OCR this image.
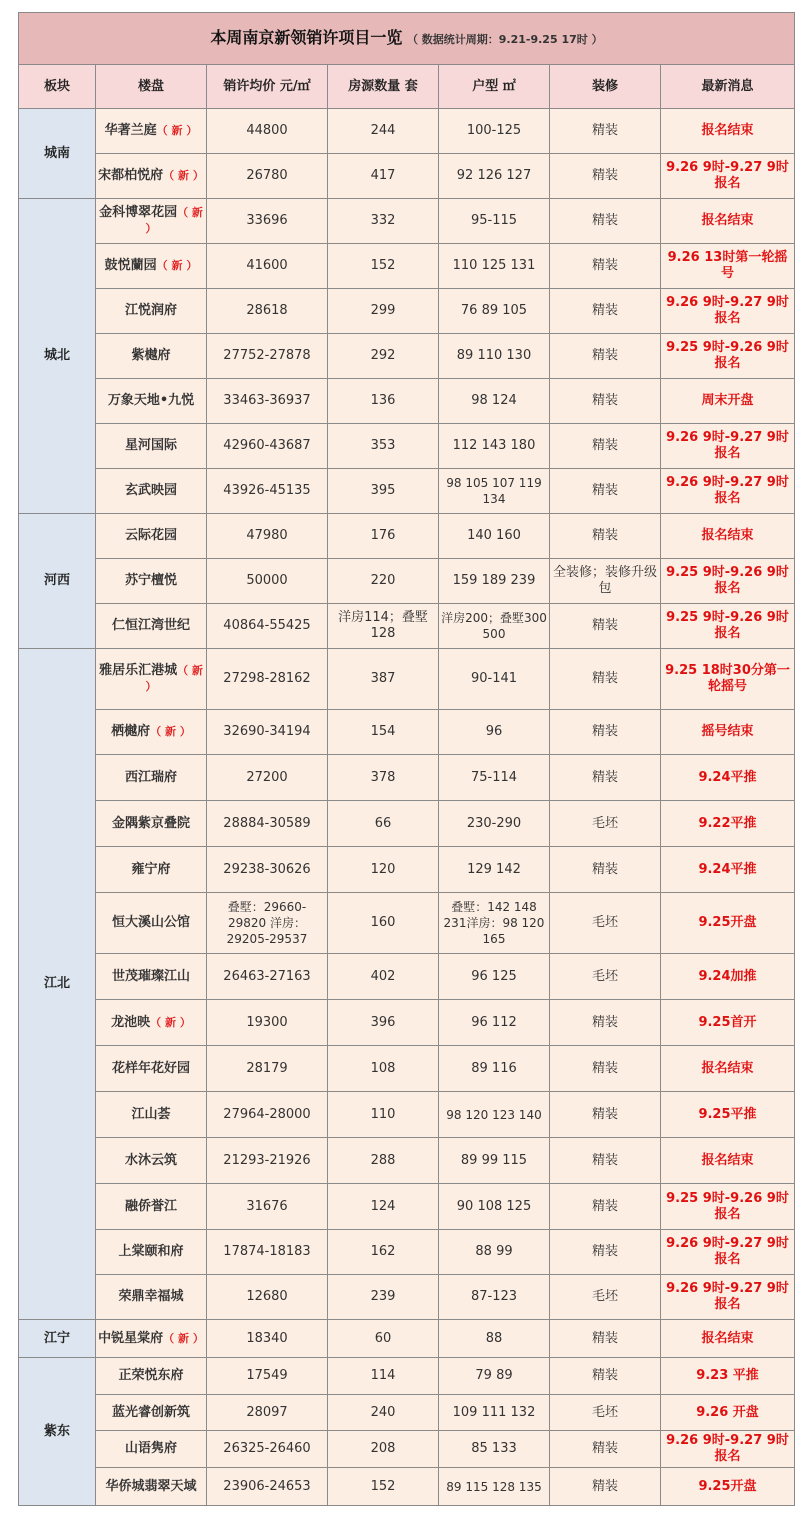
本周南京新领销许项目一览 （ 数据统计周期：9.21-9.25 17时 ）						
板块	楼盘	销许均价 元/㎡	房源数量 套	户型 ㎡	装修	最新消息
城南	华著兰庭（ 新 ）	44800	244	100-125	精装	报名结束
	宋都柏悦府（ 新 ）	26780	417	92 126 127	精装	9.26 9时-9.27 9时报名
城北	金科博翠花园（ 新 ）	33696	332	95-115	精装	报名结束
	鼓悦蘭园（ 新 ）	41600	152	110 125 131	精装	9.26 13时第一轮摇号
	江悦润府	28618	299	76 89 105	精装	9.26 9时-9.27 9时报名
	紫樾府	27752-27878	292	89 110 130	精装	9.25 9时-9.26 9时报名
	万象天地•九悦	33463-36937	136	98 124	精装	周末开盘
	星河国际	42960-43687	353	112 143 180	精装	9.26 9时-9.27 9时报名
	玄武映园	43926-45135	395	98 105 107 119 134	精装	9.26 9时-9.27 9时报名
河西	云际花园	47980	176	140 160	精装	报名结束
	苏宁檀悦	50000	220	159 189 239	全装修；装修升级包	9.25 9时-9.26 9时报名
	仁恒江湾世纪	40864-55425	洋房114；叠墅128	洋房200；叠墅300 500	精装	9.25 9时-9.26 9时报名
江北	雅居乐汇港城（ 新 ）	27298-28162	387	90-141	精装	9.25 18时30分第一轮摇号
	栖樾府（ 新 ）	32690-34194	154	96	精装	摇号结束
	西江瑞府	27200	378	75-114	精装	9.24平推
	金隅紫京叠院	28884-30589	66	230-290	毛坯	9.22平推
	雍宁府	29238-30626	120	129 142	精装	9.24平推
	恒大溪山公馆	叠墅：29660-29820 洋房：29205-29537	160	叠墅：142 148 231洋房：98 120 165	毛坯	9.25开盘
	世茂璀璨江山	26463-27163	402	96 125	毛坯	9.24加推
	龙池映（ 新 ）	19300	396	96 112	精装	9.25首开
	花样年花好园	28179	108	89 116	精装	报名结束
	江山荟	27964-28000	110	98 120 123 140	精装	9.25平推
	水沐云筑	21293-21926	288	89 99 115	精装	报名结束
	融侨誉江	31676	124	90 108 125	精装	9.25 9时-9.26 9时报名
	上棠颐和府	17874-18183	162	88 99	精装	9.26 9时-9.27 9时报名
	荣鼎幸福城	12680	239	87-123	毛坯	9.26 9时-9.27 9时报名
江宁	中锐星棠府（ 新 ）	18340	60	88	精装	报名结束
紫东	正荣悦东府	17549	114	79 89	精装	9.23 平推
	蓝光睿创新筑	28097	240	109 111 132	毛坯	9.26 开盘
	山语隽府	26325-26460	208	85 133	精装	9.26 9时-9.27 9时报名
	华侨城翡翠天域	23906-24653	152	89 115 128 135	精装	9.25开盘
